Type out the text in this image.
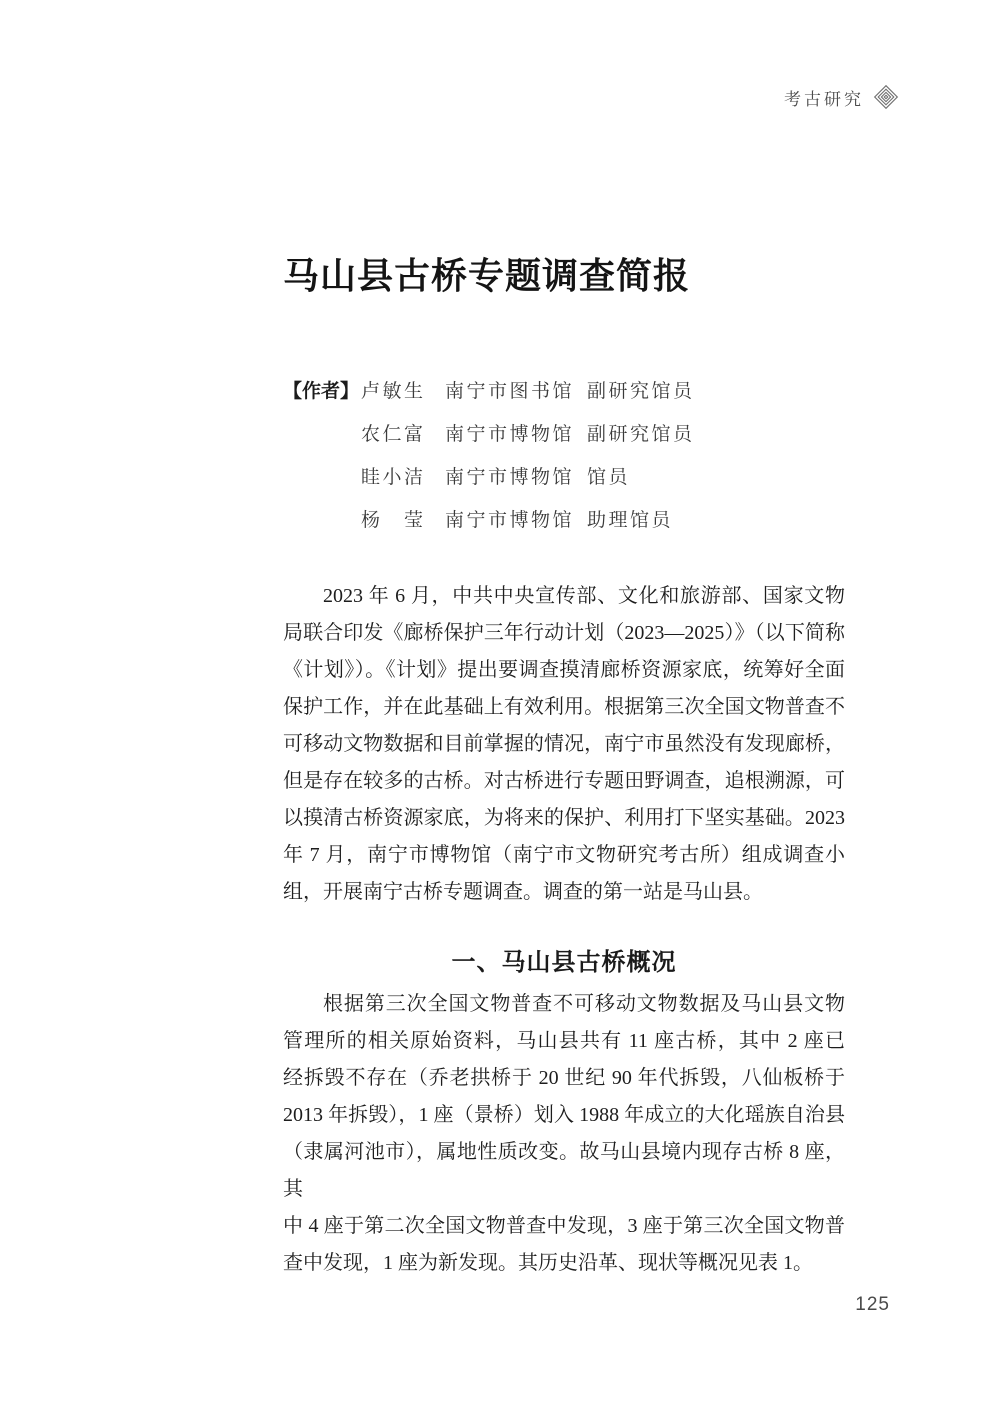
考古研究
马山县古桥专题调查简报
【作者】 卢敏生	南宁市图书馆 副研究馆员
农仁富	南宁市博物馆 副研究馆员
眭小洁	南宁市博物馆 馆员
杨　莹	南宁市博物馆 助理馆员
2023 年 6 月，中共中央宣传部、文化和旅游部、国家文物
局联合印发《廊桥保护三年行动计划（2023—2025）》（以下简称
《计划》）。《计划》提出要调查摸清廊桥资源家底，统筹好全面
保护工作，并在此基础上有效利用。根据第三次全国文物普查不
可移动文物数据和目前掌握的情况，南宁市虽然没有发现廊桥，
但是存在较多的古桥。对古桥进行专题田野调查，追根溯源，可
以摸清古桥资源家底，为将来的保护、利用打下坚实基础。2023
年 7 月，南宁市博物馆（南宁市文物研究考古所）组成调查小
组，开展南宁古桥专题调查。调查的第一站是马山县。
一、马山县古桥概况
根据第三次全国文物普查不可移动文物数据及马山县文物
管理所的相关原始资料，马山县共有 11 座古桥，其中 2 座已
经拆毁不存在（乔老拱桥于 20 世纪 90 年代拆毁，八仙板桥于
2013 年拆毁），1 座（景桥）划入 1988 年成立的大化瑶族自治县
（隶属河池市），属地性质改变。故马山县境内现存古桥 8 座，其
中 4 座于第二次全国文物普查中发现，3 座于第三次全国文物普
查中发现，1 座为新发现。其历史沿革、现状等概况见表 1。
125
